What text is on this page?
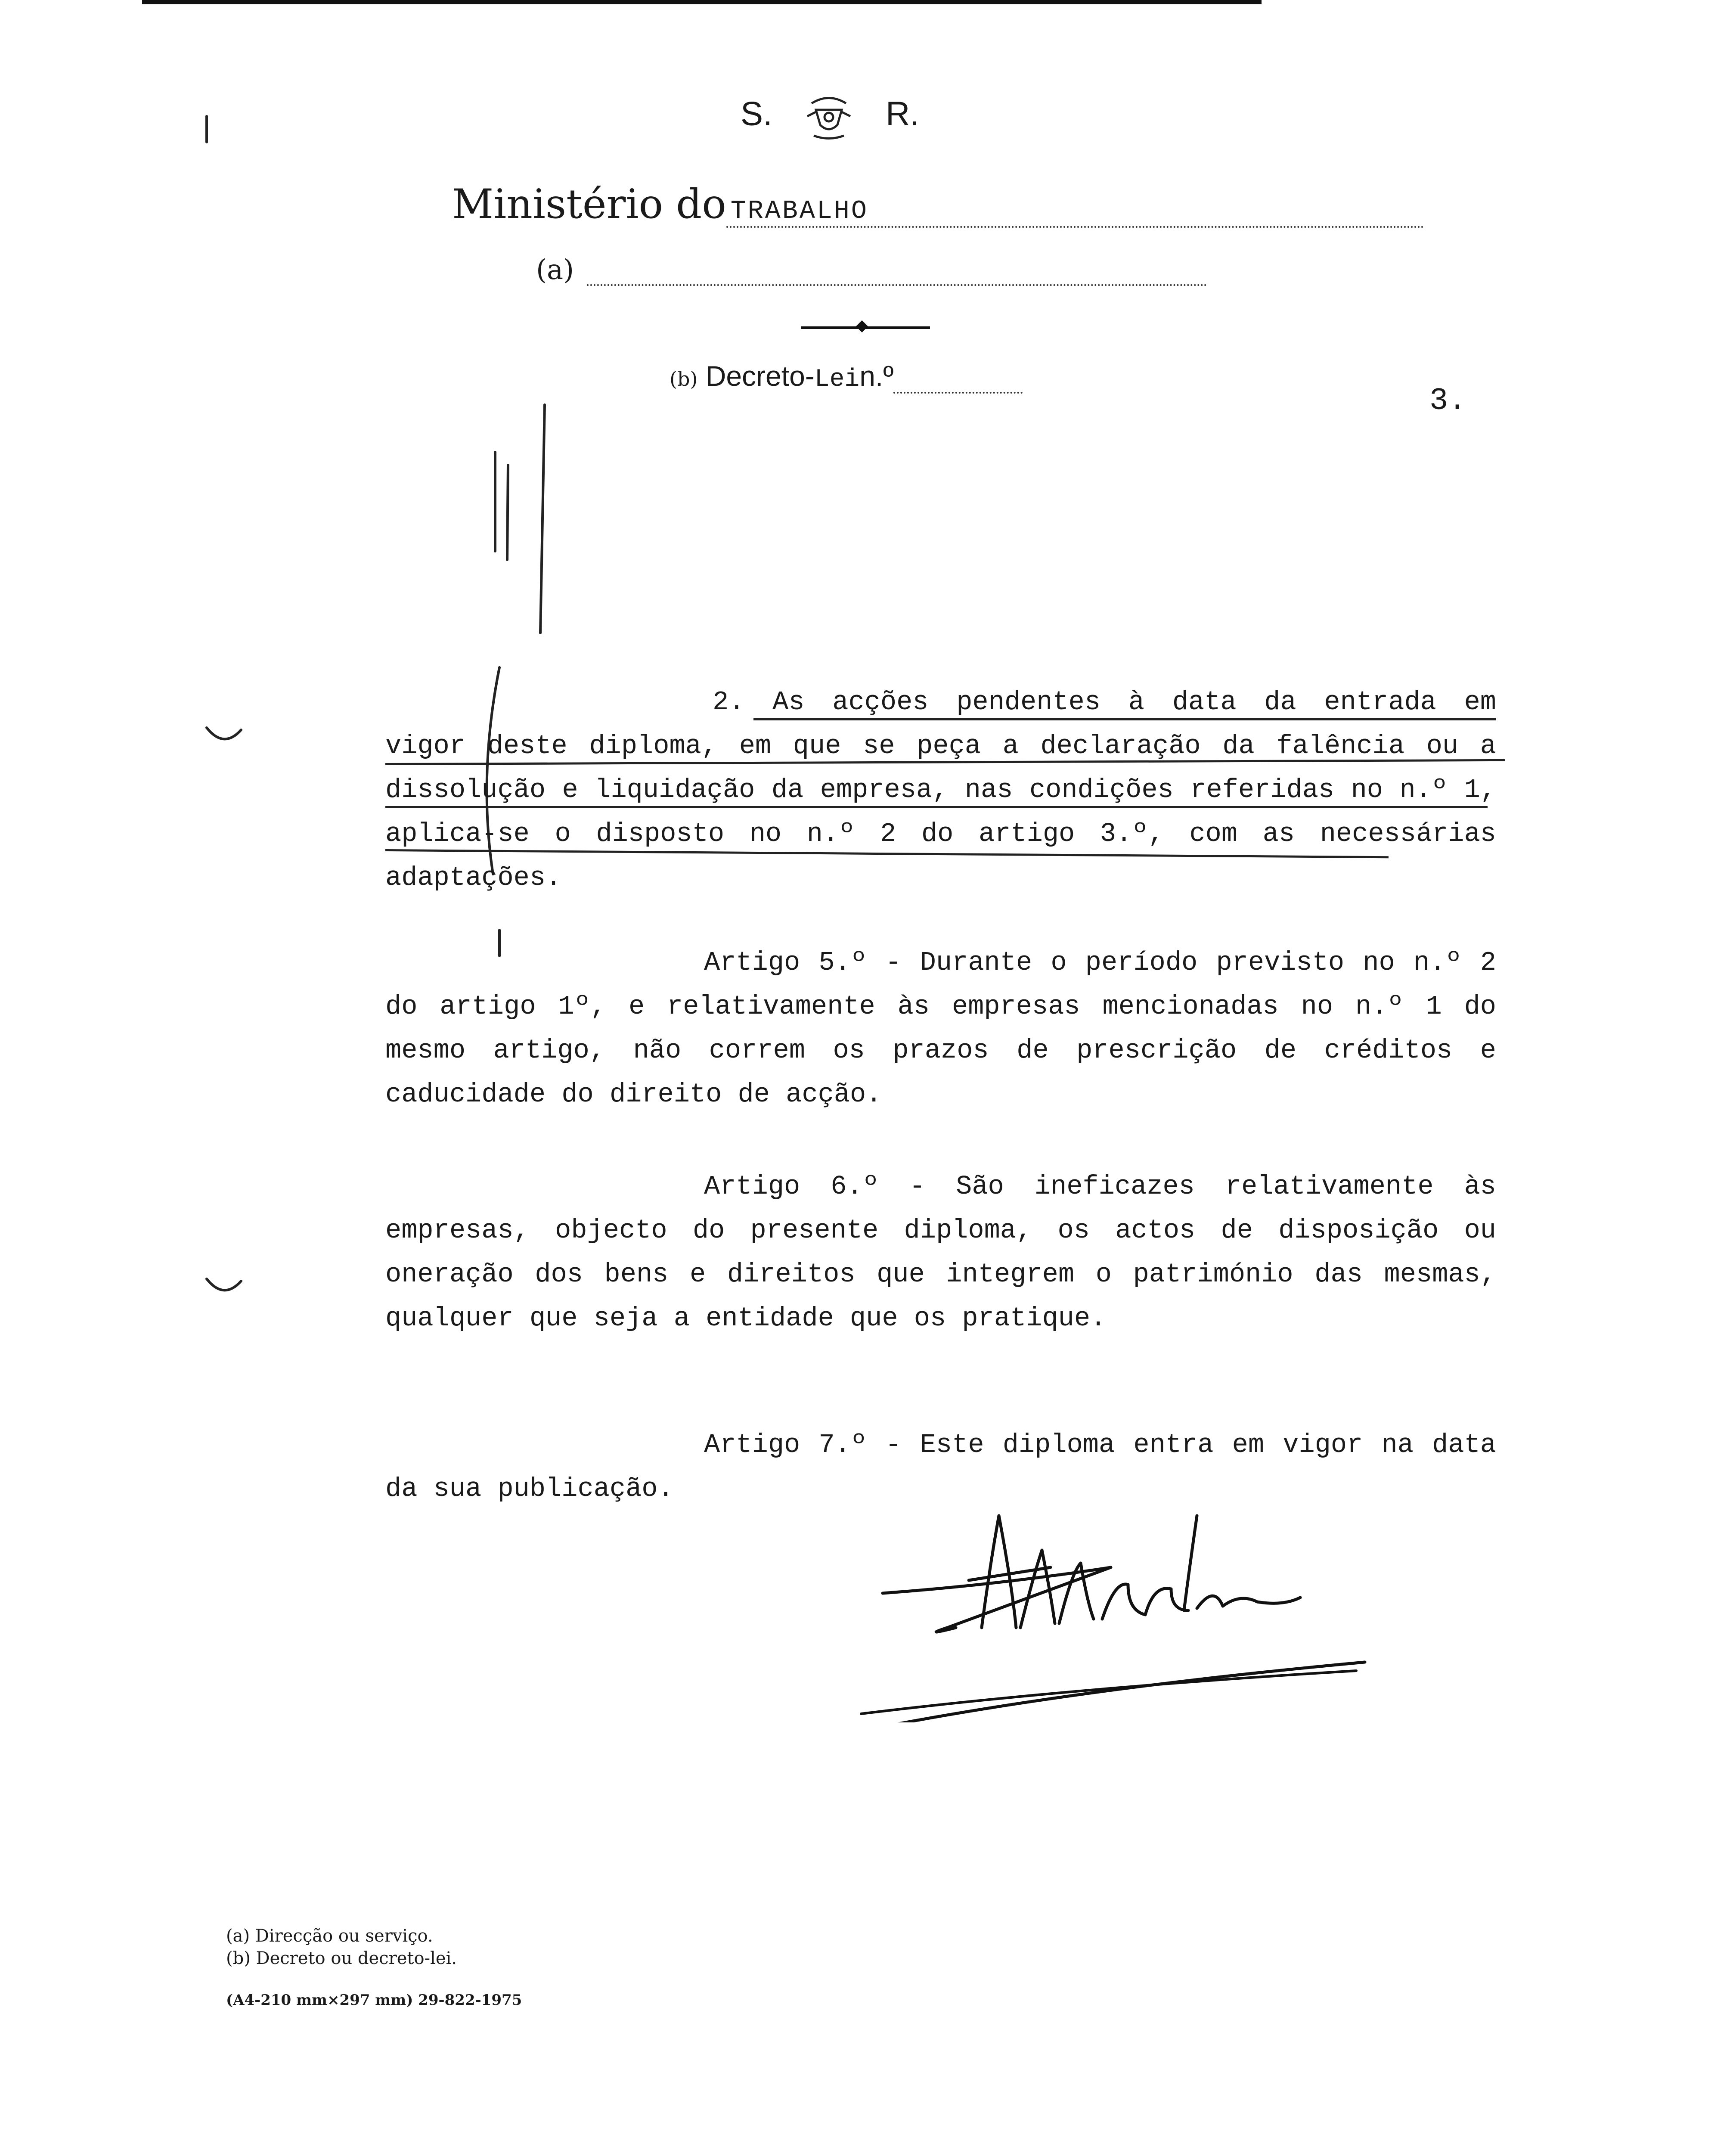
S.	R.
Ministério do TRABALHO
(a)
(b) Decreto-Lein.º
3.

2. As acções pendentes à data da entrada em vigor deste diploma, em que se peça a declaração da falência ou a dissolução e liquidação da empresa, nas condições referidas no n.º 1, aplica-se o disposto no n.º 2 do artigo 3.º, com as necessárias adaptações.

Artigo 5.º - Durante o período previsto no n.º 2 do artigo 1º, e relativamente às empresas mencionadas no n.º 1 do mesmo artigo, não correm os prazos de prescrição de créditos e caducidade do direito de acção.

Artigo 6.º - São ineficazes relativamente às empresas, objecto do presente diploma, os actos de disposição ou oneração dos bens e direitos que integrem o património das mesmas, qualquer que seja a entidade que os pratique.

Artigo 7.º - Este diploma entra em vigor na data da sua publicação.

(a) Direcção ou serviço.
(b) Decreto ou decreto-lei.
(A4-210 mm×297 mm) 29-822-1975
